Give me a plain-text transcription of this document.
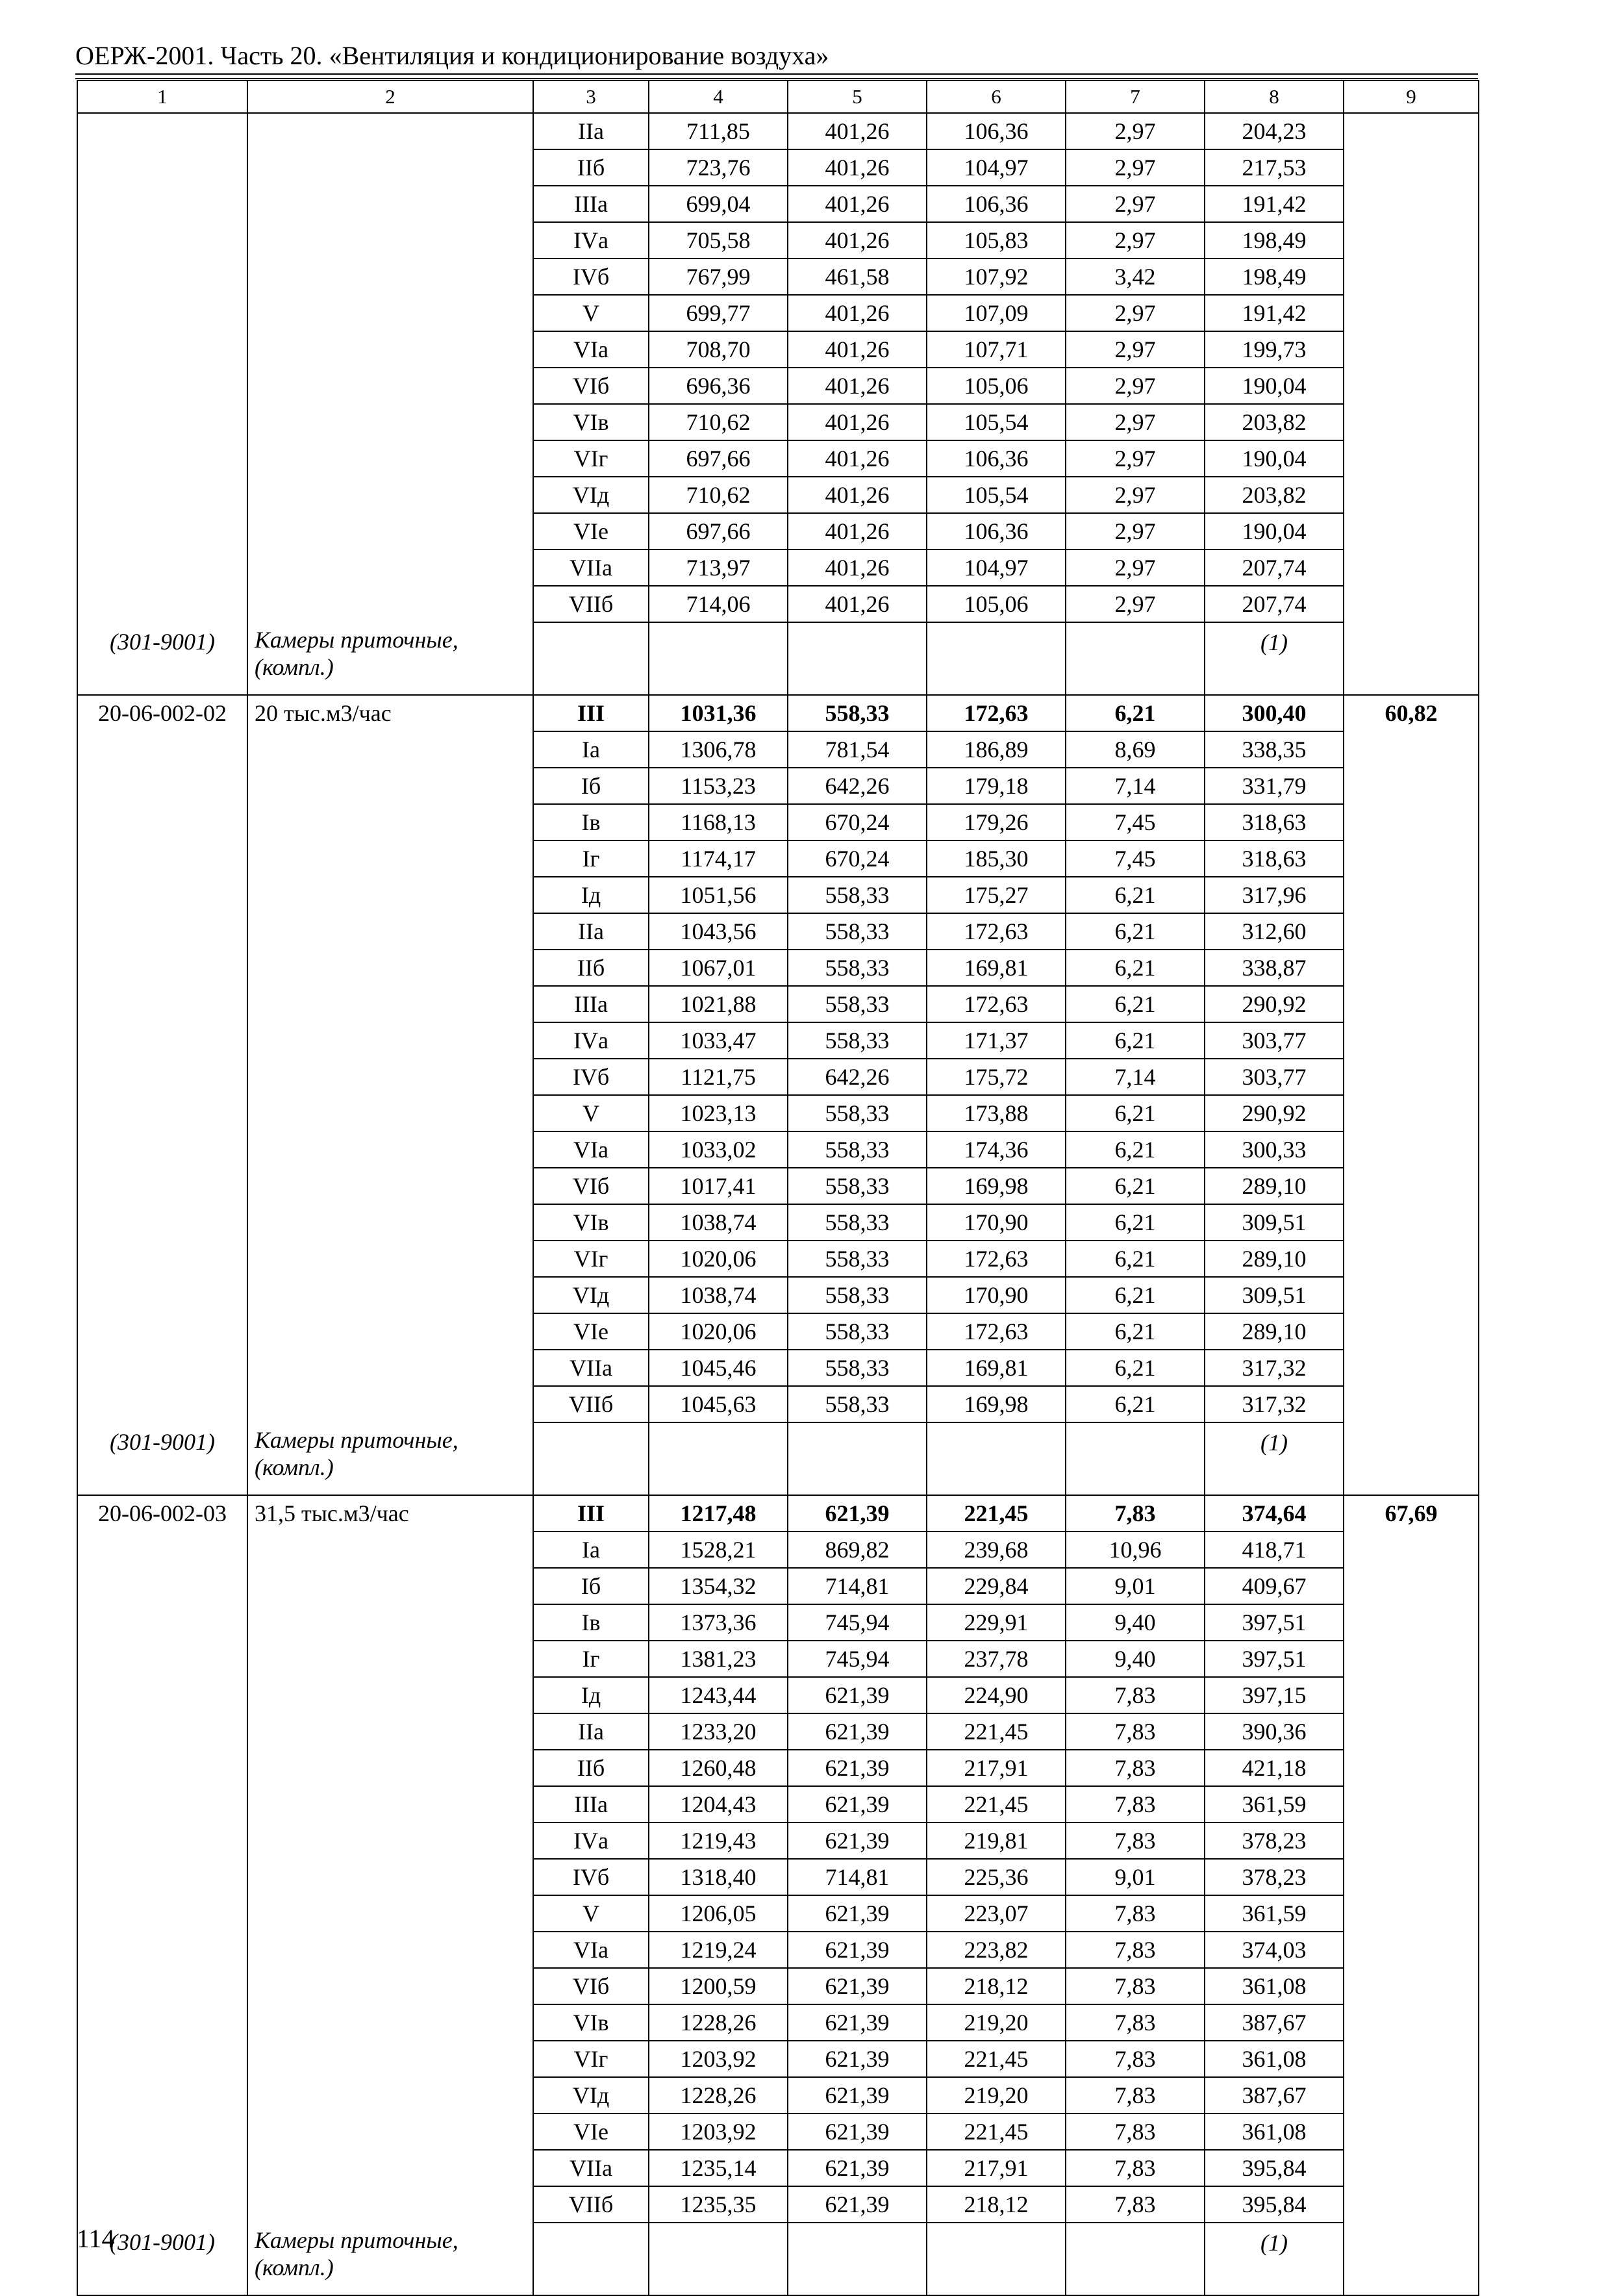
ОЕРЖ-2001. Часть 20. «Вентиляция и кондиционирование воздуха»
1	2	3	4	5	6	7	8	9
		IIа	711,85	401,26	106,36	2,97	204,23	
		IIб	723,76	401,26	104,97	2,97	217,53	
		IIIа	699,04	401,26	106,36	2,97	191,42	
		IVа	705,58	401,26	105,83	2,97	198,49	
		IVб	767,99	461,58	107,92	3,42	198,49	
		V	699,77	401,26	107,09	2,97	191,42	
		VIа	708,70	401,26	107,71	2,97	199,73	
		VIб	696,36	401,26	105,06	2,97	190,04	
		VIв	710,62	401,26	105,54	2,97	203,82	
		VIг	697,66	401,26	106,36	2,97	190,04	
		VIд	710,62	401,26	105,54	2,97	203,82	
		VIе	697,66	401,26	106,36	2,97	190,04	
		VIIа	713,97	401,26	104,97	2,97	207,74	
		VIIб	714,06	401,26	105,06	2,97	207,74	
(301-9001)	Камеры приточные, (компл.)						(1)	
20-06-002-02	20 тыс.м3/час	III	1031,36	558,33	172,63	6,21	300,40	60,82
		Iа	1306,78	781,54	186,89	8,69	338,35	
		Iб	1153,23	642,26	179,18	7,14	331,79	
		Iв	1168,13	670,24	179,26	7,45	318,63	
		Iг	1174,17	670,24	185,30	7,45	318,63	
		Iд	1051,56	558,33	175,27	6,21	317,96	
		IIа	1043,56	558,33	172,63	6,21	312,60	
		IIб	1067,01	558,33	169,81	6,21	338,87	
		IIIа	1021,88	558,33	172,63	6,21	290,92	
		IVа	1033,47	558,33	171,37	6,21	303,77	
		IVб	1121,75	642,26	175,72	7,14	303,77	
		V	1023,13	558,33	173,88	6,21	290,92	
		VIа	1033,02	558,33	174,36	6,21	300,33	
		VIб	1017,41	558,33	169,98	6,21	289,10	
		VIв	1038,74	558,33	170,90	6,21	309,51	
		VIг	1020,06	558,33	172,63	6,21	289,10	
		VIд	1038,74	558,33	170,90	6,21	309,51	
		VIе	1020,06	558,33	172,63	6,21	289,10	
		VIIа	1045,46	558,33	169,81	6,21	317,32	
		VIIб	1045,63	558,33	169,98	6,21	317,32	
(301-9001)	Камеры приточные, (компл.)						(1)	
20-06-002-03	31,5 тыс.м3/час	III	1217,48	621,39	221,45	7,83	374,64	67,69
		Iа	1528,21	869,82	239,68	10,96	418,71	
		Iб	1354,32	714,81	229,84	9,01	409,67	
		Iв	1373,36	745,94	229,91	9,40	397,51	
		Iг	1381,23	745,94	237,78	9,40	397,51	
		Iд	1243,44	621,39	224,90	7,83	397,15	
		IIа	1233,20	621,39	221,45	7,83	390,36	
		IIб	1260,48	621,39	217,91	7,83	421,18	
		IIIа	1204,43	621,39	221,45	7,83	361,59	
		IVа	1219,43	621,39	219,81	7,83	378,23	
		IVб	1318,40	714,81	225,36	9,01	378,23	
		V	1206,05	621,39	223,07	7,83	361,59	
		VIа	1219,24	621,39	223,82	7,83	374,03	
		VIб	1200,59	621,39	218,12	7,83	361,08	
		VIв	1228,26	621,39	219,20	7,83	387,67	
		VIг	1203,92	621,39	221,45	7,83	361,08	
		VIд	1228,26	621,39	219,20	7,83	387,67	
		VIе	1203,92	621,39	221,45	7,83	361,08	
		VIIа	1235,14	621,39	217,91	7,83	395,84	
		VIIб	1235,35	621,39	218,12	7,83	395,84	
(301-9001)	Камеры приточные, (компл.)						(1)	
114
